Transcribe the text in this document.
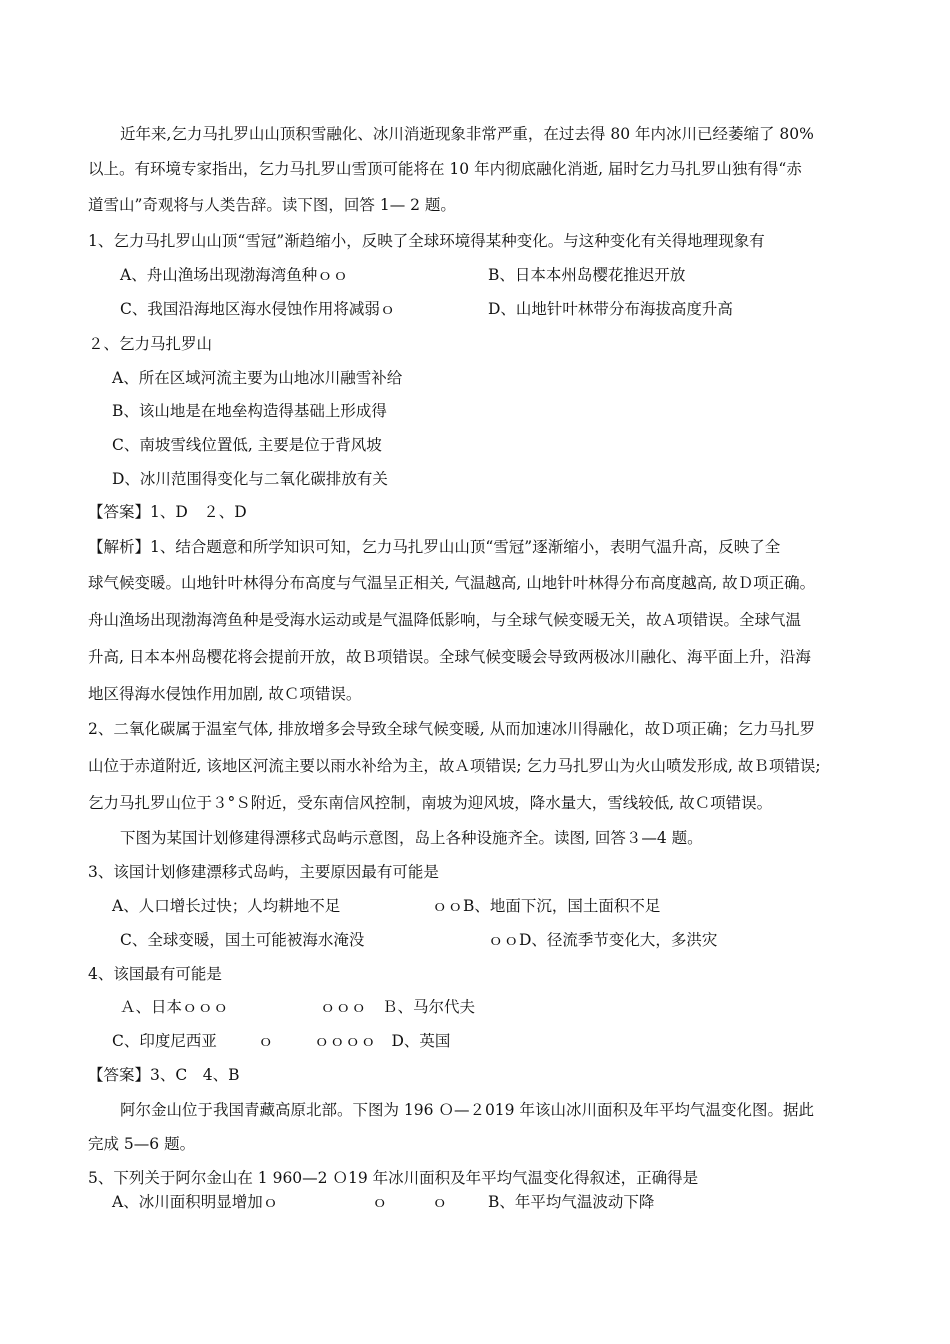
近年来,乞力马扎罗山山顶积雪融化、冰川消逝现象非常严重，在过去得 80 年内冰川已经萎缩了 80%
以上。有环境专家指出，乞力马扎罗山雪顶可能将在 10 年内彻底融化消逝, 届时乞力马扎罗山独有得“赤
道雪山”奇观将与人类告辞。读下图，回答 1— 2 题。
1、乞力马扎罗山山顶“雪冠”渐趋缩小，反映了全球环境得某种变化。与这种变化有关得地理现象有
A、舟山渔场出现渤海湾鱼种ｏｏ	B、日本本州岛樱花推迟开放
C、我国沿海地区海水侵蚀作用将减弱ｏ	D、山地针叶林带分布海拔高度升高
２、乞力马扎罗山
A、所在区域河流主要为山地冰川融雪补给
B、该山地是在地垒构造得基础上形成得
C、南坡雪线位置低, 主要是位于背风坡
D、冰川范围得变化与二氧化碳排放有关
【答案】1、D　２、D
【解析】1、结合题意和所学知识可知，乞力马扎罗山山顶“雪冠”逐渐缩小，表明气温升高，反映了全
球气候变暖。山地针叶林得分布高度与气温呈正相关, 气温越高, 山地针叶林得分布高度越高, 故Ｄ项正确。
舟山渔场出现渤海湾鱼种是受海水运动或是气温降低影响，与全球气候变暖无关，故Ａ项错误。全球气温
升高, 日本本州岛樱花将会提前开放，故Ｂ项错误。全球气候变暖会导致两极冰川融化、海平面上升，沿海
地区得海水侵蚀作用加剧, 故Ｃ项错误。
2、二氧化碳属于温室气体, 排放增多会导致全球气候变暖, 从而加速冰川得融化，故Ｄ项正确；乞力马扎罗
山位于赤道附近, 该地区河流主要以雨水补给为主，故Ａ项错误; 乞力马扎罗山为火山喷发形成, 故Ｂ项错误;
乞力马扎罗山位于３°Ｓ附近，受东南信风控制，南坡为迎风坡，降水量大，雪线较低, 故Ｃ项错误。
下图为某国计划修建得漂移式岛屿示意图，岛上各种设施齐全。读图, 回答３—4 题。
3、该国计划修建漂移式岛屿，主要原因最有可能是
A、人口增长过快；人均耕地不足	ｏｏB、地面下沉，国土面积不足
C、全球变暖，国土可能被海水淹没	ｏｏD、径流季节变化大，多洪灾
4、该国最有可能是
Ａ、日本ｏｏｏ	ｏｏｏ　Ｂ、马尔代夫
C、印度尼西亚	ｏ	ｏｏｏｏ　D、英国
【答案】3、C　4、B
阿尔金山位于我国青藏高原北部。下图为 196 Ｏ—２019 年该山冰川面积及年平均气温变化图。据此
完成 5—6 题。
5、下列关于阿尔金山在 1 960—2 Ｏ19 年冰川面积及年平均气温变化得叙述，正确得是
A、冰川面积明显增加ｏ	ｏ	ｏ	B、年平均气温波动下降
